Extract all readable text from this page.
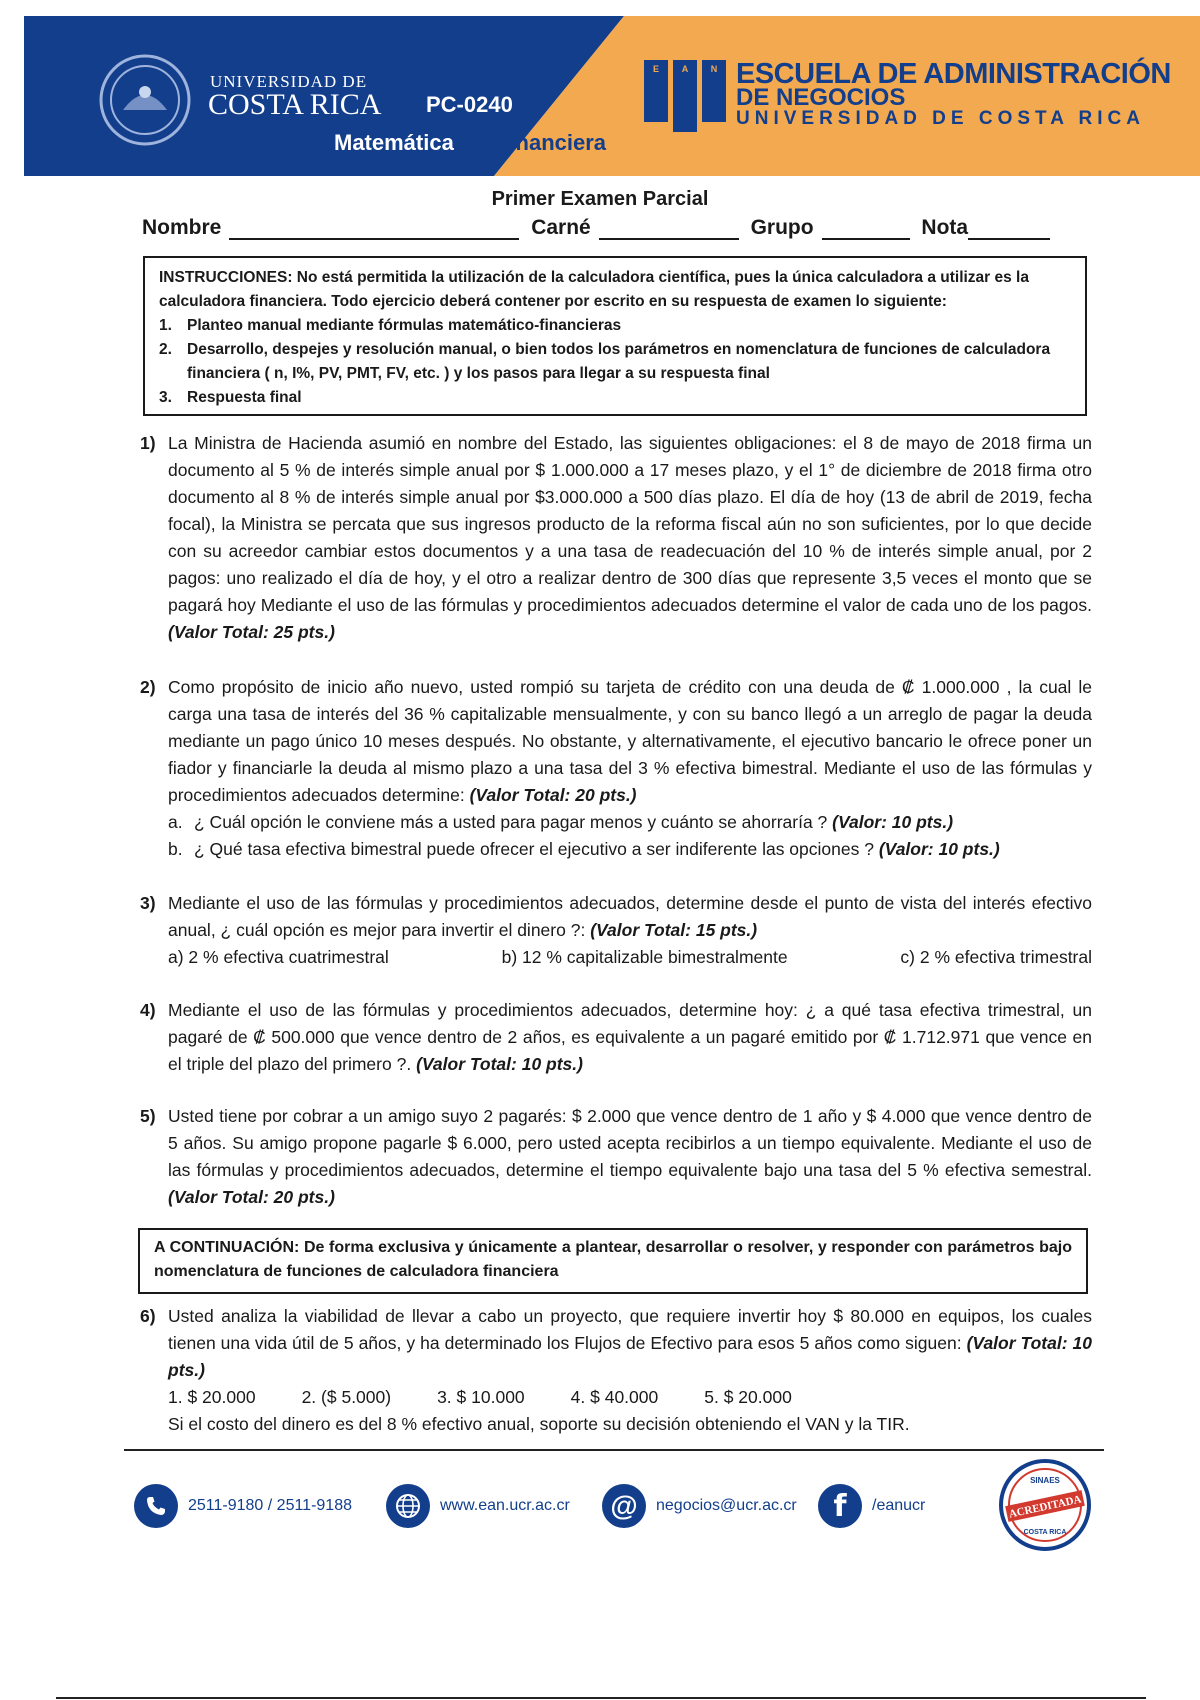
UNIVERSIDAD DE
COSTA RICA PC-0240
Matemática Financiera
E	A	N ESCUELA DE ADMINISTRACIÓN
DE NEGOCIOS
UNIVERSIDAD DE COSTA RICA
Primer Examen Parcial
Nombre	Carné	Grupo	Nota
INSTRUCCIONES: No está permitida la utilización de la calculadora científica, pues la única calculadora a utilizar es la calculadora financiera. Todo ejercicio deberá contener por escrito en su respuesta de examen lo siguiente:
1. Planteo manual mediante fórmulas matemático-financieras
2. Desarrollo, despejes y resolución manual, o bien todos los parámetros en nomenclatura de funciones de calculadora financiera ( n, I%, PV, PMT, FV, etc. ) y los pasos para llegar a su respuesta final
3. Respuesta final
1) La Ministra de Hacienda asumió en nombre del Estado, las siguientes obligaciones: el 8 de mayo de 2018 firma un documento al 5 % de interés simple anual por $ 1.000.000 a 17 meses plazo, y el 1° de diciembre de 2018 firma otro documento al 8 % de interés simple anual por $3.000.000 a 500 días plazo. El día de hoy (13 de abril de 2019, fecha focal), la Ministra se percata que sus ingresos producto de la reforma fiscal aún no son suficientes, por lo que decide con su acreedor cambiar estos documentos y a una tasa de readecuación del 10 % de interés simple anual, por 2 pagos: uno realizado el día de hoy, y el otro a realizar dentro de 300 días que represente 3,5 veces el monto que se pagará hoy Mediante el uso de las fórmulas y procedimientos adecuados determine el valor de cada uno de los pagos. (Valor Total: 25 pts.)
2) Como propósito de inicio año nuevo, usted rompió su tarjeta de crédito con una deuda de ₡ 1.000.000 , la cual le carga una tasa de interés del 36 % capitalizable mensualmente, y con su banco llegó a un arreglo de pagar la deuda mediante un pago único 10 meses después. No obstante, y alternativamente, el ejecutivo bancario le ofrece poner un fiador y financiarle la deuda al mismo plazo a una tasa del 3 % efectiva bimestral. Mediante el uso de las fórmulas y procedimientos adecuados determine: (Valor Total: 20 pts.)
a. ¿ Cuál opción le conviene más a usted para pagar menos y cuánto se ahorraría ? (Valor: 10 pts.)
b. ¿ Qué tasa efectiva bimestral puede ofrecer el ejecutivo a ser indiferente las opciones ? (Valor: 10 pts.)
3) Mediante el uso de las fórmulas y procedimientos adecuados, determine desde el punto de vista del interés efectivo anual, ¿ cuál opción es mejor para invertir el dinero ?: (Valor Total: 15 pts.)
a) 2 % efectiva cuatrimestral	b) 12 % capitalizable bimestralmente	c) 2 % efectiva trimestral
4) Mediante el uso de las fórmulas y procedimientos adecuados, determine hoy: ¿ a qué tasa efectiva trimestral, un pagaré de ₡ 500.000 que vence dentro de 2 años, es equivalente a un pagaré emitido por ₡ 1.712.971 que vence en el triple del plazo del primero ?. (Valor Total: 10 pts.)
5) Usted tiene por cobrar a un amigo suyo 2 pagarés: $ 2.000 que vence dentro de 1 año y $ 4.000 que vence dentro de 5 años. Su amigo propone pagarle $ 6.000, pero usted acepta recibirlos a un tiempo equivalente. Mediante el uso de las fórmulas y procedimientos adecuados, determine el tiempo equivalente bajo una tasa del 5 % efectiva semestral. (Valor Total: 20 pts.)
A CONTINUACIÓN: De forma exclusiva y únicamente a plantear, desarrollar o resolver, y responder con parámetros bajo nomenclatura de funciones de calculadora financiera
6) Usted analiza la viabilidad de llevar a cabo un proyecto, que requiere invertir hoy $ 80.000 en equipos, los cuales tienen una vida útil de 5 años, y ha determinado los Flujos de Efectivo para esos 5 años como siguen: (Valor Total: 10 pts.)
1. $ 20.000	2. ($ 5.000)	3. $ 10.000	4. $ 40.000	5. $ 20.000
Si el costo del dinero es del 8 % efectivo anual, soporte su decisión obteniendo el VAN y la TIR.
2511-9180 / 2511-9188	www.ean.ucr.ac.cr @	negocios@ucr.ac.cr	f	/eanucr
SINAES
ACREDITADA
COSTA RICA
